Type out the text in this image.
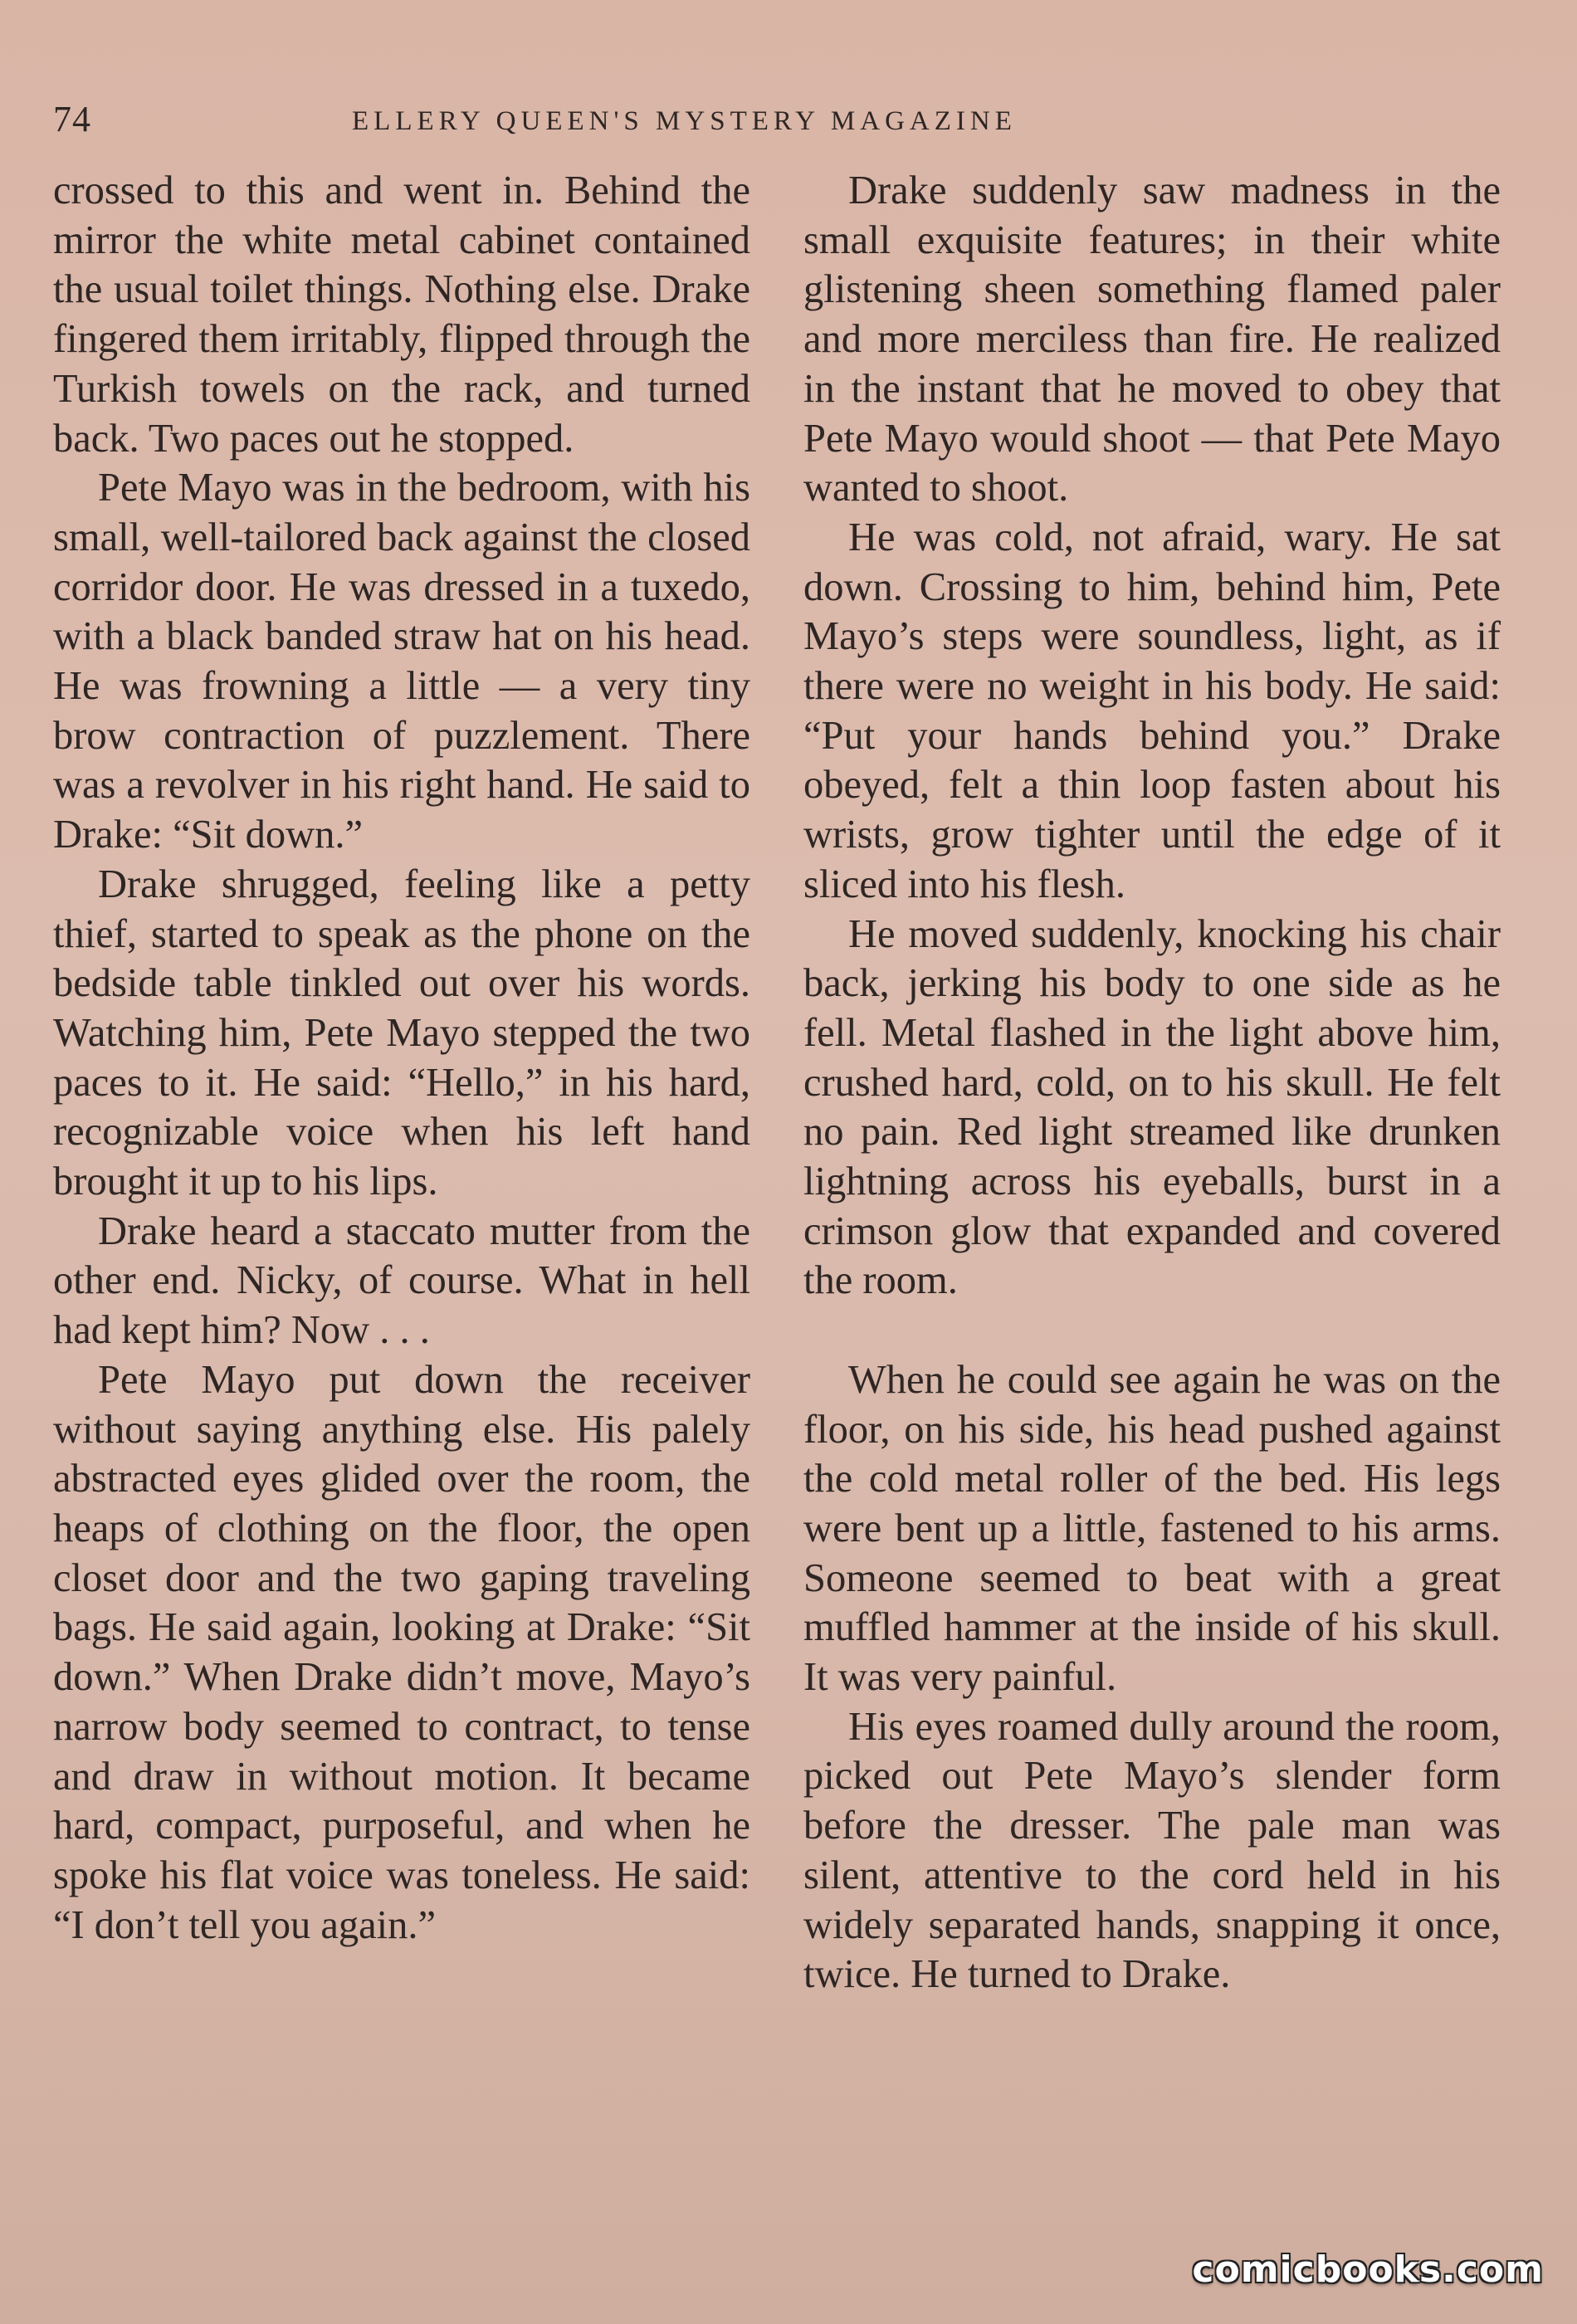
74	ELLERY QUEEN'S MYSTERY MAGAZINE

crossed to this and went in. Behind the mirror the white metal cabinet contained the usual toilet things. Nothing else. Drake fingered them irritably, flipped through the Turkish towels on the rack, and turned back. Two paces out he stopped.

Pete Mayo was in the bedroom, with his small, well-tailored back against the closed corridor door. He was dressed in a tuxedo, with a black banded straw hat on his head. He was frowning a little — a very tiny brow contraction of puzzlement. There was a revolver in his right hand. He said to Drake: “Sit down.”

Drake shrugged, feeling like a petty thief, started to speak as the phone on the bedside table tinkled out over his words. Watching him, Pete Mayo stepped the two paces to it. He said: “Hello,” in his hard, recognizable voice when his left hand brought it up to his lips.

Drake heard a staccato mutter from the other end. Nicky, of course. What in hell had kept him? Now . . .

Pete Mayo put down the receiver without saying anything else. His palely abstracted eyes glided over the room, the heaps of clothing on the floor, the open closet door and the two gaping traveling bags. He said again, looking at Drake: “Sit down.” When Drake didn’t move, Mayo’s narrow body seemed to contract, to tense and draw in without motion. It became hard, compact, purposeful, and when he spoke his flat voice was toneless. He said: “I don’t tell you again.”

Drake suddenly saw madness in the small exquisite features; in their white glistening sheen something flamed paler and more merciless than fire. He realized in the instant that he moved to obey that Pete Mayo would shoot — that Pete Mayo wanted to shoot.

He was cold, not afraid, wary. He sat down. Crossing to him, behind him, Pete Mayo’s steps were soundless, light, as if there were no weight in his body. He said: “Put your hands behind you.” Drake obeyed, felt a thin loop fasten about his wrists, grow tighter until the edge of it sliced into his flesh.

He moved suddenly, knocking his chair back, jerking his body to one side as he fell. Metal flashed in the light above him, crushed hard, cold, on to his skull. He felt no pain. Red light streamed like drunken lightning across his eyeballs, burst in a crimson glow that expanded and covered the room.

When he could see again he was on the floor, on his side, his head pushed against the cold metal roller of the bed. His legs were bent up a little, fastened to his arms. Someone seemed to beat with a great muffled hammer at the inside of his skull. It was very painful.

His eyes roamed dully around the room, picked out Pete Mayo’s slender form before the dresser. The pale man was silent, attentive to the cord held in his widely separated hands, snapping it once, twice. He turned to Drake.

comicbooks.com
